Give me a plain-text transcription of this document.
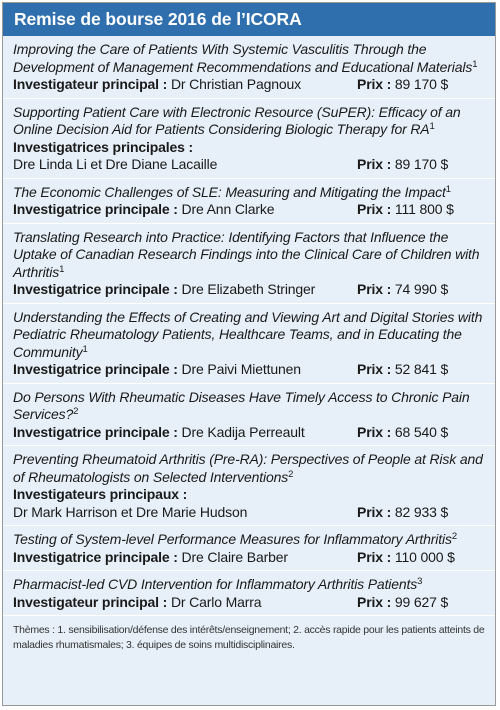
Remise de bourse 2016 de l’ICORA
Improving the Care of Patients With Systemic Vasculitis Through the Development of Management Recommendations and Educational Materials$^1$
Investigateur principal : Dr Christian Pagnoux	Prix : 89 170 $
Supporting Patient Care with Electronic Resource (SuPER): Efficacy of an Online Decision Aid for Patients Considering Biologic Therapy for $RA^1$
Investigatrices principales :
Dre Linda Li et Dre Diane Lacaille	Prix : 89 170 $
The Economic Challenges of SLE: Measuring and Mitigating the Impact$^1$
Investigatrice principale : Dre Ann Clarke	Prix : 111 800 $
Translating Research into Practice: Identifying Factors that Influence the Uptake of Canadian Research Findings into the Clinical Care of Children with Arthritis$^1$
Investigatrice principale : Dre Elizabeth Stringer	Prix : 74 990 $
Understanding the Effects of Creating and Viewing Art and Digital Stories with Pediatric Rheumatology Patients, Healthcare Teams, and in Educating the Community$^1$
Investigatrice principale : Dre Paivi Miettunen	Prix : 52 841 $
Do Persons With Rheumatic Diseases Have Timely Access to Chronic Pain Services?$^2$
Investigatrice principale : Dre Kadija Perreault	Prix : 68 540 $
Preventing Rheumatoid Arthritis (Pre-RA): Perspectives of People at Risk and of Rheumatologists on Selected Interventions$^2$
Investigateurs principaux :
Dr Mark Harrison et Dre Marie Hudson	Prix : 82 933 $
Testing of System-level Performance Measures for Inflammatory Arthritis$^2$
Investigatrice principale : Dre Claire Barber	Prix : 110 000 $
Pharmacist-led CVD Intervention for Inflammatory Arthritis Patients$^3$
Investigateur principal : Dr Carlo Marra	Prix : 99 627 $
Thèmes : 1. sensibilisation/défense des intérêts/enseignement; 2. accès rapide pour les patients atteints de maladies rhumatismales; 3. équipes de soins multidisciplinaires.
